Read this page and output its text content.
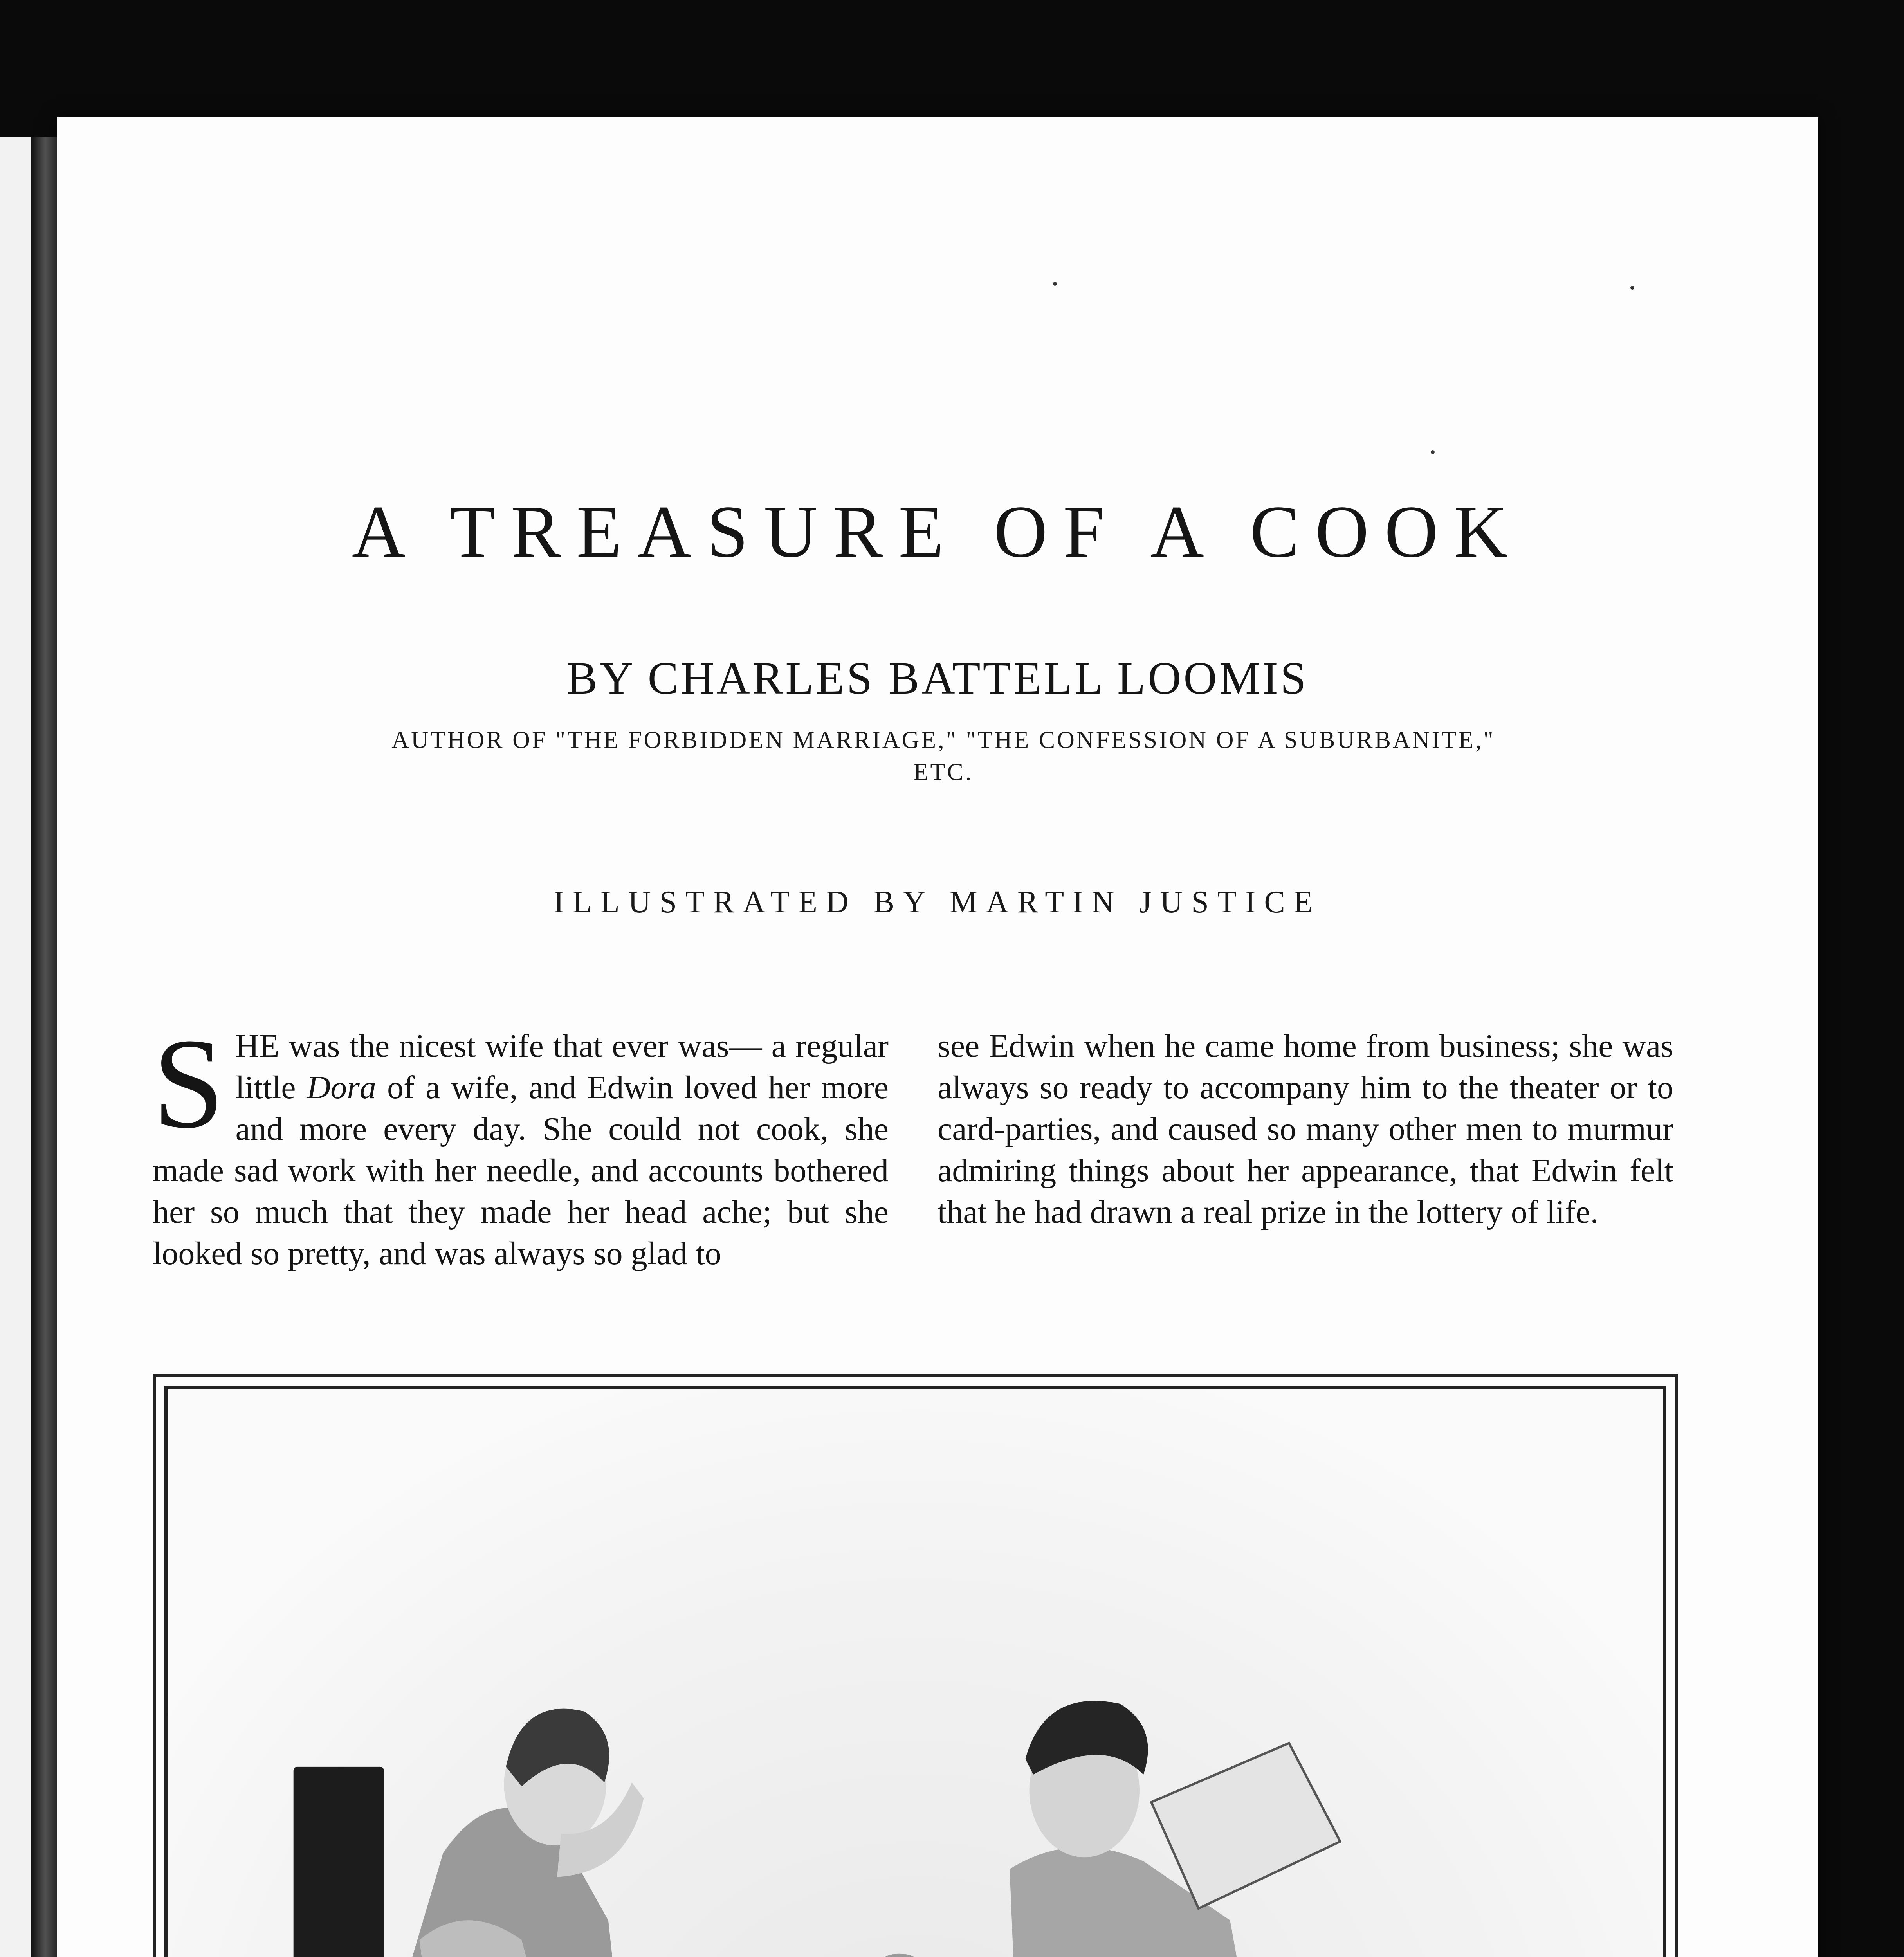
A TREASURE OF A COOK
BY CHARLES BATTELL LOOMIS
AUTHOR OF "THE FORBIDDEN MARRIAGE," "THE CONFESSION OF A SUBURBANITE," ETC.
ILLUSTRATED BY MARTIN JUSTICE
SHE was the nicest wife that ever was— a regular little Dora of a wife, and Edwin loved her more and more every day. She could not cook, she made sad work with her needle, and accounts bothered her so much that they made her head ache; but she looked so pretty, and was always so glad to
see Edwin when he came home from business; she was always so ready to accompany him to the theater or to card-parties, and caused so many other men to murmur admiring things about her appearance, that Edwin felt that he had drawn a real prize in the lottery of life.
